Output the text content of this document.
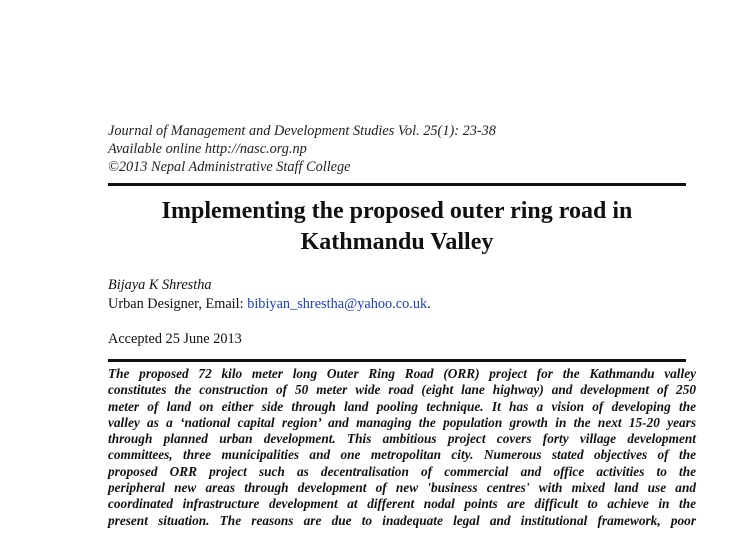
Journal of Management and Development Studies Vol. 25(1): 23-38
Available online http://nasc.org.np
©2013 Nepal Administrative Staff College
Implementing the proposed outer ring road in
Kathmandu Valley
Bijaya K Shrestha
Urban Designer, Email: bibiyan_shrestha@yahoo.co.uk.
Accepted 25 June 2013
The proposed 72 kilo meter long Outer Ring Road (ORR) project for the Kathmandu valley
constitutes the construction of 50 meter wide road (eight lane highway) and development of 250
meter of land on either side through land pooling technique. It has a vision of developing the
valley as a ‘national capital region’ and managing the population growth in the next 15-20 years
through planned urban development. This ambitious project covers forty village development
committees, three municipalities and one metropolitan city. Numerous stated objectives of the
proposed ORR project such as decentralisation of commercial and office activities to the
peripheral new areas through development of new 'business centres' with mixed land use and
coordinated infrastructure development at different nodal points are difficult to achieve in the
present situation. The reasons are due to inadequate legal and institutional framework, poor
